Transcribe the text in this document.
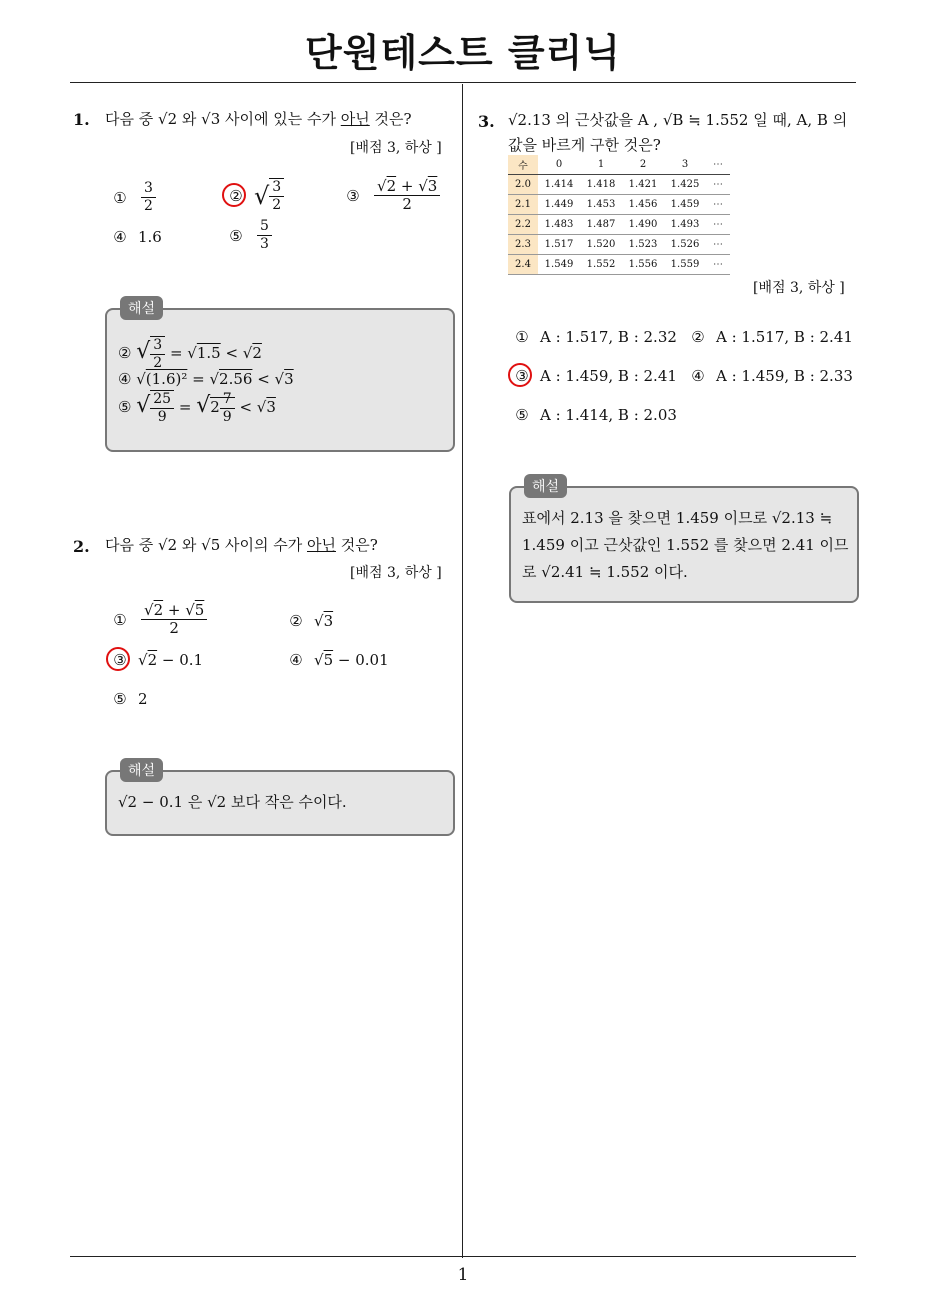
단원테스트 클리닉
1. 다음 중 √2 와 √3 사이에 있는 수가 아닌 것은?
[배점 3, 하상 ]
① $\frac{3}{2}$	② √ $\frac{3}{2}$	③ $\frac{√2 + √3}{2}$
④ 1.6	⑤ $\frac{5}{3}$
해설
② √ $\frac{3}{2} = √1.5 < √2$
④ √(1.6)² = √2.56 < √3
⑤ √ $\frac{25}{9} = √2 \frac{7}{9} < √3$
2. 다음 중 √2 와 √5 사이의 수가 아닌 것은?
[배점 3, 하상 ]
① $\frac{√2 + √5}{2}$	② √3
③ √2 − 0.1	④ √5 − 0.01
⑤ 2
해설
√2 − 0.1 은 √2 보다 작은 수이다.
3. √2.13 의 근삿값을 A , √B ≒ 1.552 일 때, A, B 의
값을 바르게 구한 것은?
수	0	1	2	3	⋯
2.0	1.414	1.418	1.421	1.425	⋯
2.1	1.449	1.453	1.456	1.459	⋯
2.2	1.483	1.487	1.490	1.493	⋯
2.3	1.517	1.520	1.523	1.526	⋯
2.4	1.549	1.552	1.556	1.559	⋯
[배점 3, 하상 ]
① A : 1.517, B : 2.32 ② A : 1.517, B : 2.41
③ A : 1.459, B : 2.41 ④ A : 1.459, B : 2.33
⑤ A : 1.414, B : 2.03
해설
표에서 2.13 을 찾으면 1.459 이므로 √2.13 ≒
1.459 이고 근삿값인 1.552 를 찾으면 2.41 이므
로 √2.41 ≒ 1.552 이다.
1
